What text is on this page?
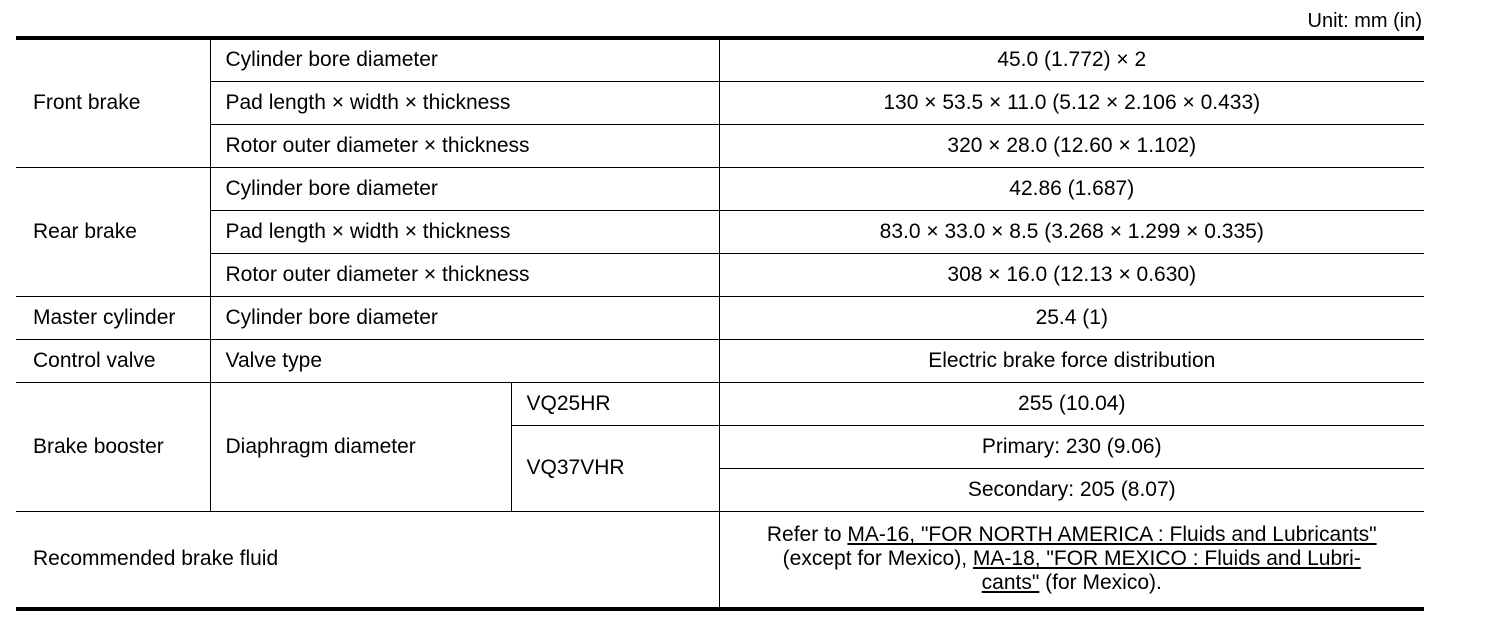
Unit: mm (in)
Front brake	Cylinder bore diameter		45.0 (1.772) × 2
	Pad length × width × thickness		130 × 53.5 × 11.0 (5.12 × 2.106 × 0.433)
	Rotor outer diameter × thickness		320 × 28.0 (12.60 × 1.102)
Rear brake	Cylinder bore diameter		42.86 (1.687)
	Pad length × width × thickness		83.0 × 33.0 × 8.5 (3.268 × 1.299 × 0.335)
	Rotor outer diameter × thickness		308 × 16.0 (12.13 × 0.630)
Master cylinder	Cylinder bore diameter		25.4 (1)
Control valve	Valve type		Electric brake force distribution
Brake booster	Diaphragm diameter	VQ25HR	255 (10.04)
		VQ37VHR	Primary: 230 (9.06)
			Secondary: 205 (8.07)
Recommended brake fluid			Refer to MA-16, "FOR NORTH AMERICA : Fluids and Lubricants"
(except for Mexico), MA-18, "FOR MEXICO : Fluids and Lubri-
cants" (for Mexico).
